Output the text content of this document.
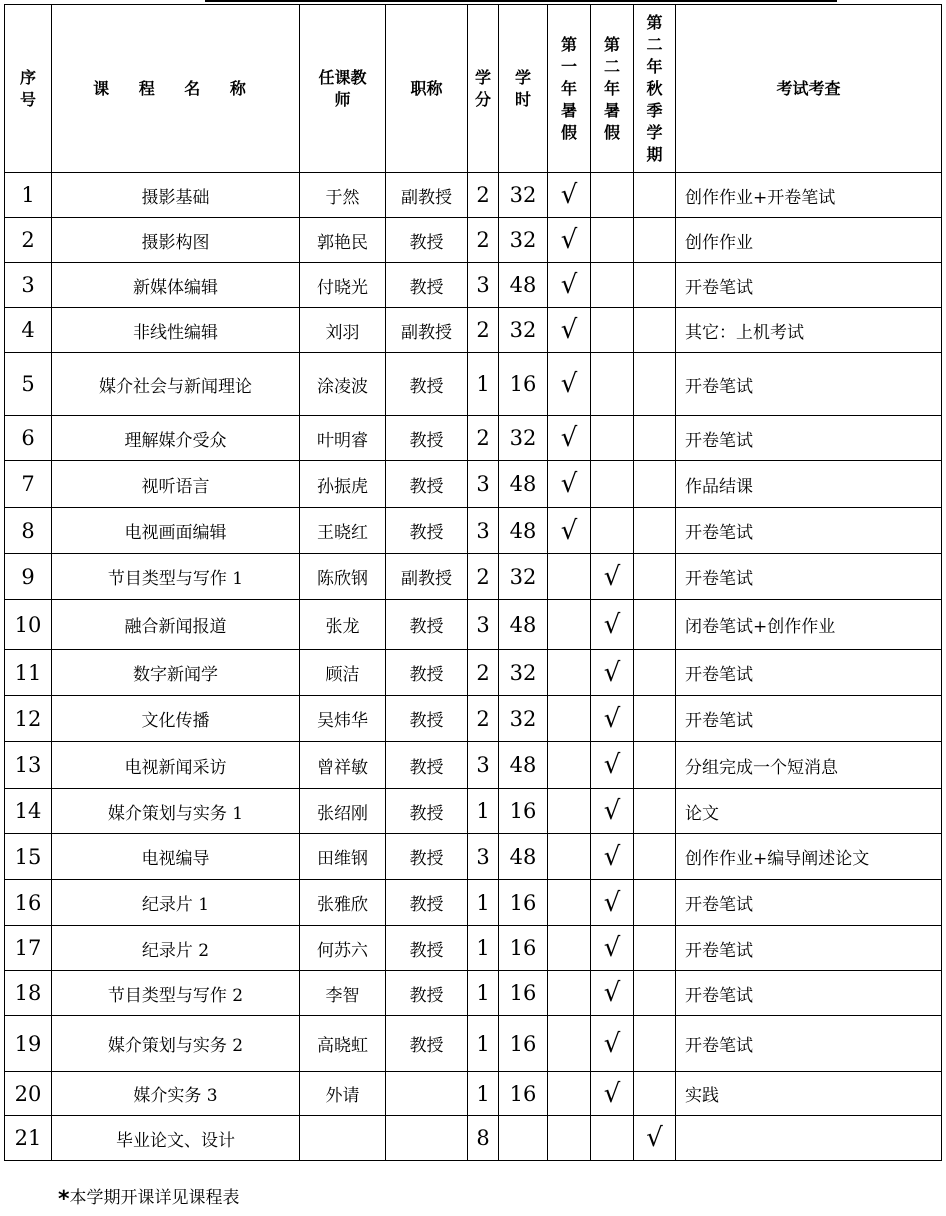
序号	课 程 名 称	任课教师	职称	学分	学时	第一年暑假	第二年暑假	第二年秋季学期	考试考查
1	摄影基础	于然	副教授	2	32	√			创作作业+开卷笔试
2	摄影构图	郭艳民	教授	2	32	√			创作作业
3	新媒体编辑	付晓光	教授	3	48	√			开卷笔试
4	非线性编辑	刘羽	副教授	2	32	√			其它：上机考试
5	媒介社会与新闻理论	涂凌波	教授	1	16	√			开卷笔试
6	理解媒介受众	叶明睿	教授	2	32	√			开卷笔试
7	视听语言	孙振虎	教授	3	48	√			作品结课
8	电视画面编辑	王晓红	教授	3	48	√			开卷笔试
9	节目类型与写作 1	陈欣钢	副教授	2	32		√		开卷笔试
10	融合新闻报道	张龙	教授	3	48		√		闭卷笔试+创作作业
11	数字新闻学	顾洁	教授	2	32		√		开卷笔试
12	文化传播	吴炜华	教授	2	32		√		开卷笔试
13	电视新闻采访	曾祥敏	教授	3	48		√		分组完成一个短消息
14	媒介策划与实务 1	张绍刚	教授	1	16		√		论文
15	电视编导	田维钢	教授	3	48		√		创作作业+编导阐述论文
16	纪录片 1	张雅欣	教授	1	16		√		开卷笔试
17	纪录片 2	何苏六	教授	1	16		√		开卷笔试
18	节目类型与写作 2	李智	教授	1	16		√		开卷笔试
19	媒介策划与实务 2	高晓虹	教授	1	16		√		开卷笔试
20	媒介实务 3	外请		1	16		√		实践
21	毕业论文、设计			8				√	
*本学期开课详见课程表
